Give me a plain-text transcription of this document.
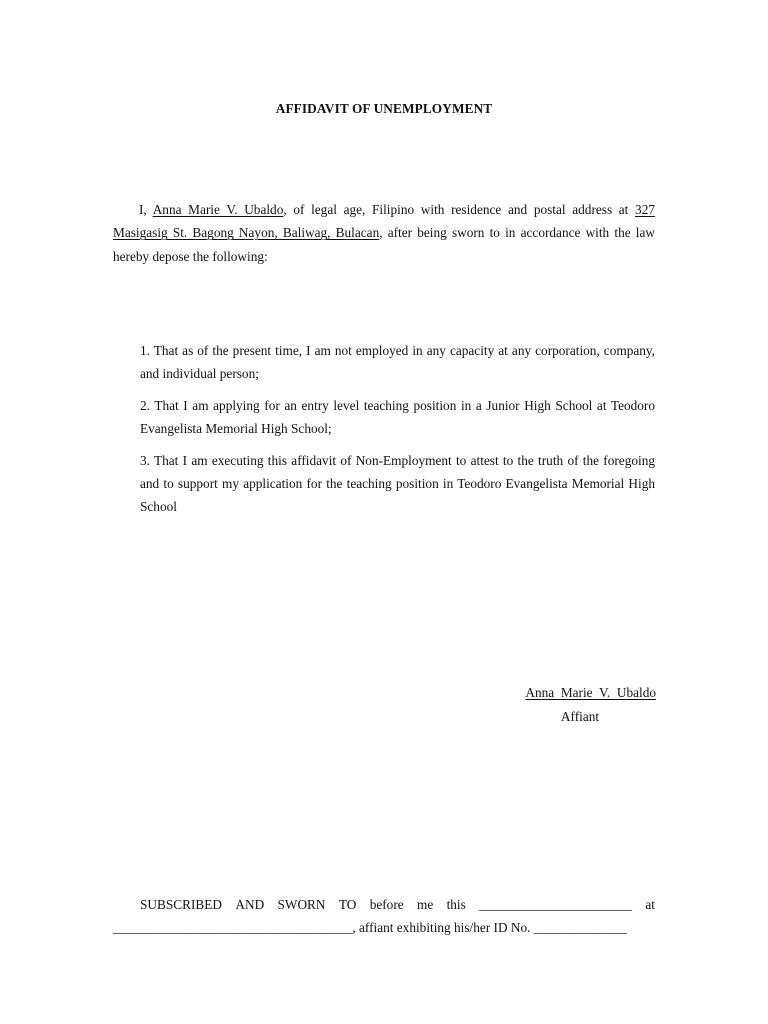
AFFIDAVIT OF UNEMPLOYMENT
I, Anna Marie V. Ubaldo, of legal age, Filipino with residence and postal address at 327 Masigasig St. Bagong Nayon, Baliwag, Bulacan, after being sworn to in accordance with the law hereby depose the following:
1. That as of the present time, I am not employed in any capacity at any corporation, company, and individual person;
2. That I am applying for an entry level teaching position in a Junior High School at Teodoro Evangelista Memorial High School;
3. That I am executing this affidavit of Non-Employment to attest to the truth of the foregoing and to support my application for the teaching position in Teodoro Evangelista Memorial High School
Anna  Marie  V.  Ubaldo
Affiant
SUBSCRIBED AND SWORN TO before me this _______________________ at
____________________________________, affiant exhibiting his/her ID No. ______________
